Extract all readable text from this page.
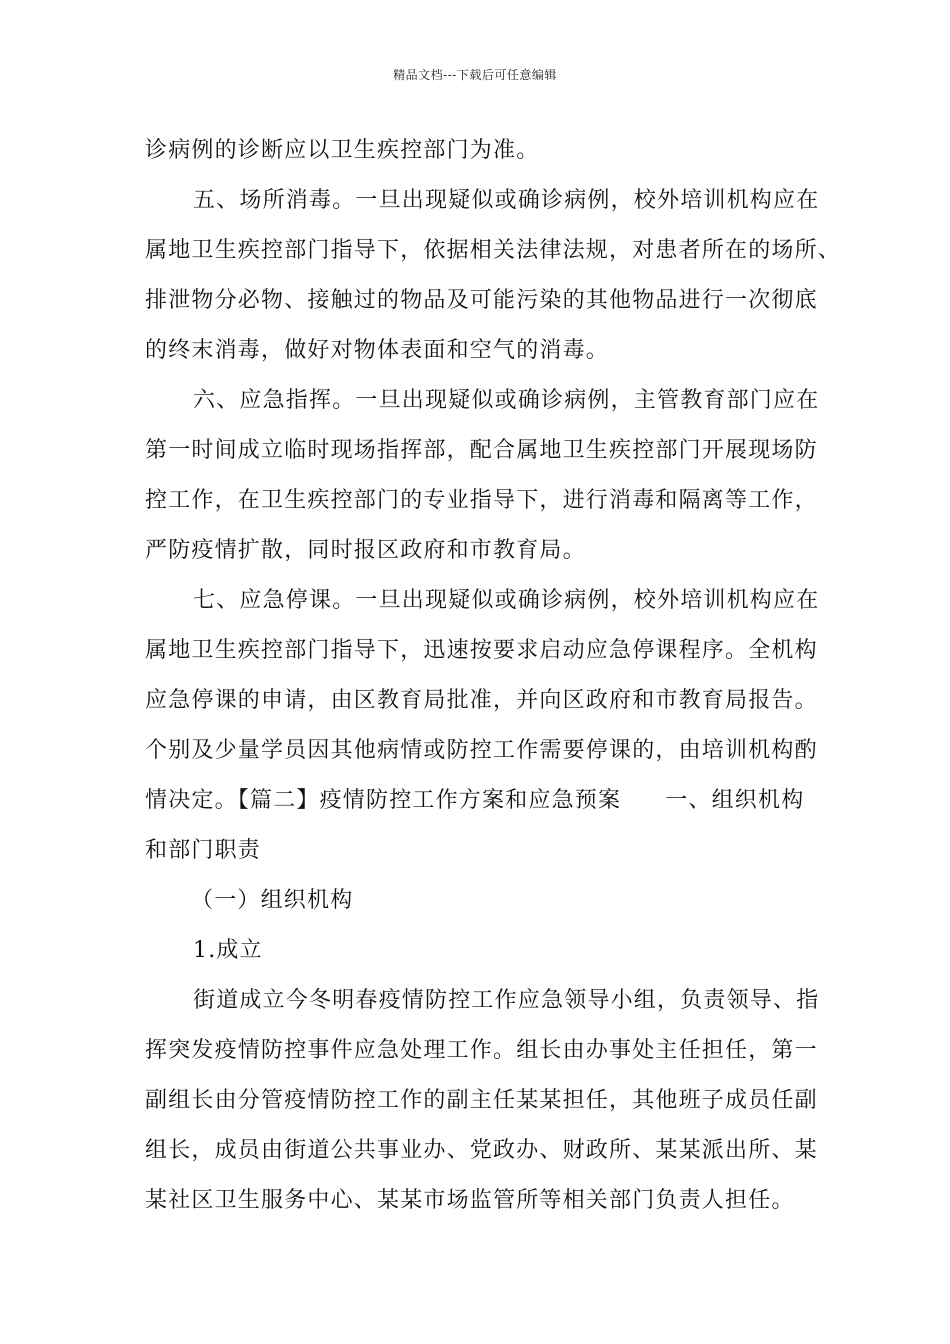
精品文档---下载后可任意编辑
诊病例的诊断应以卫生疾控部门为准。
五、场所消毒。一旦出现疑似或确诊病例，校外培训机构应在
属地卫生疾控部门指导下，依据相关法律法规，对患者所在的场所、
排泄物分必物、接触过的物品及可能污染的其他物品进行一次彻底
的终末消毒，做好对物体表面和空气的消毒。
六、应急指挥。一旦出现疑似或确诊病例，主管教育部门应在
第一时间成立临时现场指挥部，配合属地卫生疾控部门开展现场防
控工作，在卫生疾控部门的专业指导下，进行消毒和隔离等工作，
严防疫情扩散，同时报区政府和市教育局。
七、应急停课。一旦出现疑似或确诊病例，校外培训机构应在
属地卫生疾控部门指导下，迅速按要求启动应急停课程序。全机构
应急停课的申请，由区教育局批准，并向区政府和市教育局报告。
个别及少量学员因其他病情或防控工作需要停课的，由培训机构酌
情决定。【篇二】疫情防控工作方案和应急预案 一、组织机构
和部门职责
（一）组织机构
1.成立
街道成立今冬明春疫情防控工作应急领导小组，负责领导、指
挥突发疫情防控事件应急处理工作。组长由办事处主任担任，第一
副组长由分管疫情防控工作的副主任某某担任，其他班子成员任副
组长，成员由街道公共事业办、党政办、财政所、某某派出所、某
某社区卫生服务中心、某某市场监管所等相关部门负责人担任。
